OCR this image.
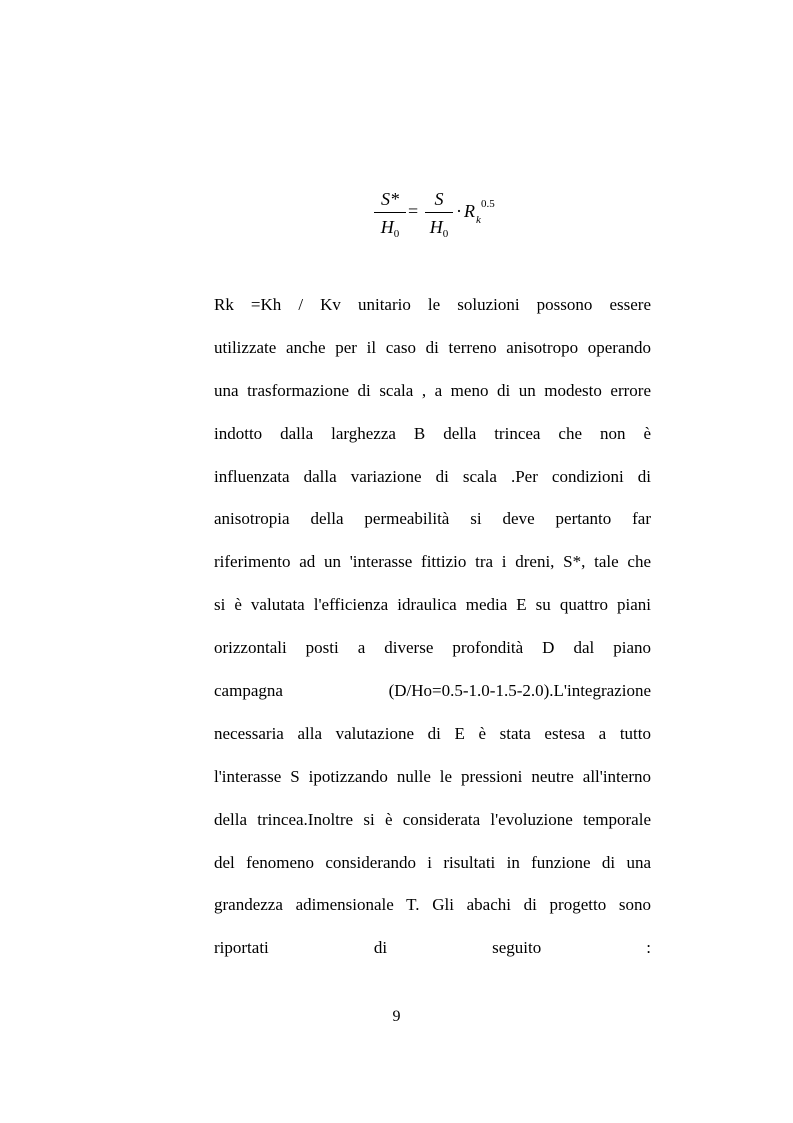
S*
$H_0$
=
S
$H_0$
· R k
0.5
Rk =Kh / Kv unitario le soluzioni possono essere
utilizzate anche per il caso di terreno anisotropo operando
una trasformazione di scala , a meno di un modesto errore
indotto dalla larghezza B della trincea che non è
influenzata dalla variazione di scala .Per condizioni di
anisotropia della permeabilità si deve pertanto far
riferimento ad un 'interasse fittizio tra i dreni, S*, tale che
si è valutata l'efficienza idraulica media E su quattro piani
orizzontali posti a diverse profondità D dal piano
campagna (D/Ho=0.5-1.0-1.5-2.0).L'integrazione
necessaria alla valutazione di E è stata estesa a tutto
l'interasse S ipotizzando nulle le pressioni neutre all'interno
della trincea.Inoltre si è considerata l'evoluzione temporale
del fenomeno considerando i risultati in funzione di una
grandezza adimensionale T. Gli abachi di progetto sono
riportati di seguito :
9
